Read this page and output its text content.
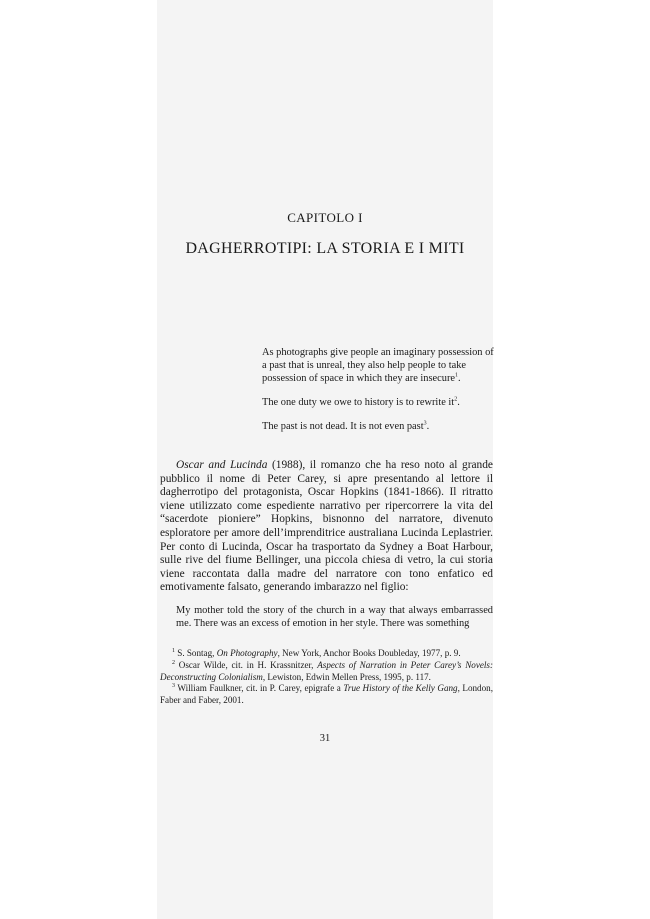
CAPITOLO I
DAGHERROTIPI: LA STORIA E I MITI

As photographs give people an imaginary possession of a past that is unreal, they also help people to take possession of space in which they are insecure$^1$.

The one duty we owe to history is to rewrite $it^2$.

The past is not dead. It is not even past$^3$.

Oscar and Lucinda (1988), il romanzo che ha reso noto al grande pubblico il nome di Peter Carey, si apre presentando al lettore il dagherrotipo del protagonista, Oscar Hopkins (1841-1866). Il ritratto viene utilizzato come espediente narrativo per ripercorrere la vita del “sacerdote pioniere” Hopkins, bisnonno del narratore, divenuto esploratore per amore dell’imprenditrice australiana Lucinda Leplastrier. Per conto di Lucinda, Oscar ha trasportato da Sydney a Boat Harbour, sulle rive del fiume Bellinger, una piccola chiesa di vetro, la cui storia viene raccontata dalla madre del narratore con tono enfatico ed emotivamente falsato, generando imbarazzo nel figlio:

My mother told the story of the church in a way that always embarrassed me. There was an excess of emotion in her style. There was something

$^1$ S. Sontag, On Photography, New York, Anchor Books Doubleday, 1977, p. 9.

$^2$ Oscar Wilde, cit. in H. Krassnitzer, Aspects of Narration in Peter Carey’s Novels: Deconstructing Colonialism, Lewiston, Edwin Mellen Press, 1995, p. 117.

$^3$ William Faulkner, cit. in P. Carey, epigrafe a True History of the Kelly Gang, London, Faber and Faber, 2001.

31
